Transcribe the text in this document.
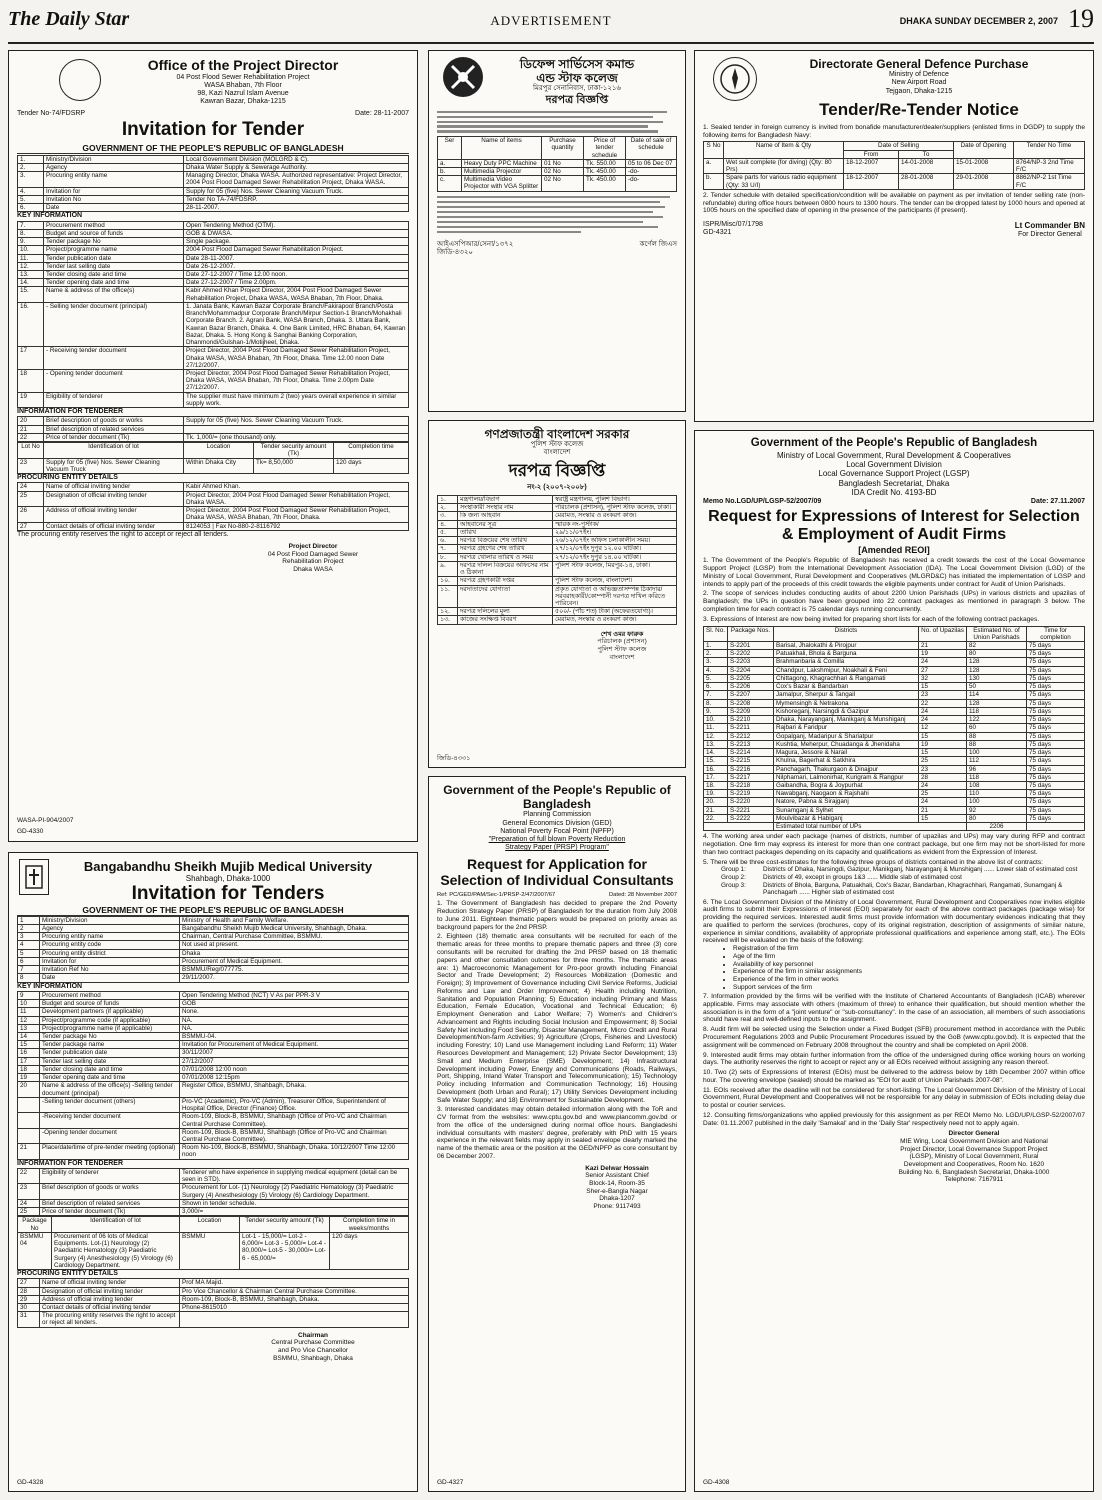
The Daily Star	ADVERTISEMENT	DHAKA SUNDAY DECEMBER 2, 2007 19
Office of the Project Director
04 Post Flood Sewer Rehabilitation Project
WASA Bhaban, 7th Floor
98, Kazi Nazrul Islam Avenue
Kawran Bazar, Dhaka-1215
Tender No-74/FDSRP	Date: 28-11-2007
Invitation for Tender
GOVERNMENT OF THE PEOPLE'S REPUBLIC OF BANGLADESH
1.	Ministry/Division	Local Government Division (MOLGRD & C).
2.	Agency	Dhaka Water Supply & Sewerage Authority.
3.	Procuring entity name	Managing Director, Dhaka WASA. Authorized representative: Project Director, 2004 Post Flood Damaged Sewer Rehabilitation Project, Dhaka WASA.
4.	Invitation for	Supply for 05 (five) Nos. Sewer Cleaning Vacuum Truck.
5.	Invitation No	Tender No TA-74/FDSRP.
6.	Date	28-11-2007.
KEY INFORMATION
7.	Procurement method	Open Tendering Method (OTM).
8.	Budget and source of funds	GOB & DWASA.
9.	Tender package No	Single package.
10.	Project/programme name	2004 Post Flood Damaged Sewer Rehabilitation Project.
11.	Tender publication date	Date 28-11-2007.
12.	Tender last selling date	Date 26-12-2007.
13.	Tender closing date and time	Date 27-12-2007 / Time 12.00 noon.
14.	Tender opening date and time	Date 27-12-2007 / Time 2.00pm.
15.	Name & address of the office(s)	Kabir Ahmed Khan Project Director, 2004 Post Flood Damaged Sewer Rehabilitation Project, Dhaka WASA, WASA Bhaban, 7th Floor, Dhaka.
16.	- Selling tender document (principal)	1. Janata Bank, Kawran Bazar Corporate Branch/Fakirapool Branch/Posta Branch/Mohammadpur Corporate Branch/Mirpur Section-1 Branch/Mohakhali Corporate Branch. 2. Agrani Bank, WASA Branch, Dhaka. 3. Uttara Bank, Kawran Bazar Branch, Dhaka. 4. One Bank Limited, HRC Bhaban, 64, Kawran Bazar, Dhaka. 5. Hong Kong & Sanghai Banking Corporation, Dhanmondi/Gulshan-1/Motijheel, Dhaka.
17	- Receiving tender document	Project Director, 2004 Post Flood Damaged Sewer Rehabilitation Project, Dhaka WASA, WASA Bhaban, 7th Floor, Dhaka. Time 12.00 noon Date 27/12/2007.
18	- Opening tender document	Project Director, 2004 Post Flood Damaged Sewer Rehabilitation Project, Dhaka WASA, WASA Bhaban, 7th Floor, Dhaka. Time 2.00pm Date 27/12/2007.
19	Eligibility of tenderer	The supplier must have minimum 2 (two) years overall experience in similar supply work.
INFORMATION FOR TENDERER
20	Brief description of goods or works	Supply for 05 (five) Nos. Sewer Cleaning Vacuum Truck.
21	Brief description of related services	
22	Price of tender document (Tk)	Tk. 1,000/= (one thousand) only.
Lot No	Identification of lot	Location	Tender security amount (Tk)	Completion time
23	Supply for 05 (five) Nos. Sewer Cleaning Vacuum Truck	Within Dhaka City	Tk= 8,50,000	120 days
PROCURING ENTITY DETAILS
24	Name of official inviting tender	Kabir Ahmed Khan.
25	Designation of official inviting tender	Project Director, 2004 Post Flood Damaged Sewer Rehabilitation Project, Dhaka WASA.
26	Address of official inviting tender	Project Director, 2004 Post Flood Damaged Sewer Rehabilitation Project, Dhaka WASA, WASA Bhaban, 7th Floor, Dhaka.
27	Contact details of official inviting tender	8124053 | Fax No-880-2-8116792
The procuring entity reserves the right to accept or reject all tenders.
Project Director
04 Post Flood Damaged Sewer
Rehabilitation Project
Dhaka WASA
WASA-PI-904/2007
GD-4330
ডিফেন্স সার্ভিসেস কমান্ড
এন্ড স্টাফ কলেজ
মিরপুর সেনানিবাস, ঢাকা-১২১৬
দরপত্র বিজ্ঞপ্তি
Ser	Name of items	Purchase quantity	Price of tender schedule	Date of sale of schedule
a.	Heavy Duty PPC Machine	01 No	Tk. 550.00	05 to 06 Dec 07
b.	Multimedia Projector	02 No	Tk. 450.00	-do-
c.	Multimedia Video Projector with VGA Splitter	02 No	Tk. 450.00	-do-
আইএসপিআর/সেনা/১৩৭২
জিডি-৪৩২০
কর্ণেল জিএস
গণপ্রজাতন্ত্রী বাংলাদেশ সরকার
পুলিশ স্টাফ কলেজ
বাংলাদেশ
দরপত্র বিজ্ঞপ্তি
নং-২ (২০০৭-২০০৮)
১.	মন্ত্রণালয়/বিভাগ	স্বরাষ্ট্র মন্ত্রণালয়, পুলিশ বিভাগ।
২.	সংস্থাকারী সংস্থার নাম	পরিচালক (প্রশাসন), পুলিশ স্টাফ কলেজ, ঢাকা।
৩.	কি জন্য আহবান	মেরামত, সংস্কার ও রংকরণ কাজ।
৪.	আহবানের সূত্র	স্মারক নং-পুস্টাক/
৫.	তারিখ	২৯/১১/০৭ইং।
৬.	দরপত্র বিক্রয়ের শেষ তারিখ	২৬/১২/০৭ইং অফিস চলাকালীন সময়।
৭.	দরপত্র গ্রহণের শেষ তারিখ	২৭/১২/০৭ইং দুপুর ১২.০০ ঘটিকা।
৮.	দরপত্র খোলার তারিখ ও সময়	২৭/১২/০৭ইং দুপুর ১৪.০০ ঘটিকা।
৯.	দরপত্র দলিল বিক্রয়ের অফিসের নাম ও ঠিকানা	পুলিশ স্টাফ কলেজ, মিরপুর-১৪, ঢাকা।
১০.	দরপত্র গ্রহণকারী দপ্তর	পুলিশ স্টাফ কলেজ, বাংলাদেশ।
১১.	দরদাতাদের যোগ্যতা	প্রকৃত যোগ্যতা ও অভিজ্ঞতাসম্পন্ন ঠিকাদার/সরবরাহকারী/কোম্পানী দরপত্র দাখিল করিতে পারিবেন।
১২.	দরপত্র দলিলের মূল্য	৫০০/- (পাঁচ শত) টাকা (অফেরতযোগ্য)।
১৩.	কাজের সংক্ষিপ্ত বিবরণ	মেরামত, সংস্কার ও রংকরণ কাজ।
শেখ ওমর ফারুক
পরিচালক (প্রশাসন)
পুলিশ স্টাফ কলেজ
বাংলাদেশ
জিডি-৪৩৩১
Directorate General Defence Purchase
Ministry of Defence
New Airport Road
Tejgaon, Dhaka-1215
Tender/Re-Tender Notice
1. Sealed tender in foreign currency is invited from bonafide manufacturer/dealer/suppliers (enlisted firms in DGDP) to supply the following items for Bangladesh Navy:
S No	Name of Item & Qty	Date of Selling		Date of Opening	Tender No Time
		From	To		
a.	Wet suit complete (for diving) (Qty: 80 Prs)	18-12-2007	14-01-2008	15-01-2008	8764/NP-3 2nd Time F/C
b.	Spare parts for various radio equipment (Qty: 33 U/I)	18-12-2007	28-01-2008	29-01-2008	8862/NP-2 1st Time F/C
2. Tender schedule with detailed specification/condition will be available on payment as per invitation of tender selling rate (non-refundable) during office hours between 0800 hours to 1300 hours. The tender can be dropped latest by 1000 hours and opened at 1005 hours on the specified date of opening in the presence of the participants (if present).
ISPR/Misc/07/1798
GD-4321
Lt Commander BN
For Director General
Government of the People's Republic of Bangladesh
Ministry of Local Government, Rural Development & Cooperatives
Local Government Division
Local Governance Support Project (LGSP)
Bangladesh Secretariat, Dhaka
IDA Credit No. 4193-BD
Memo No.LGD/UP/LGSP-52/2007/09	Date: 27.11.2007
Request for Expressions of Interest for Selection & Employment of Audit Firms
[Amended REOI]
1. The Government of the People's Republic of Bangladesh has received a credit towards the cost of the Local Governance Support Project (LGSP) from the International Development Association (IDA). The Local Government Division (LGD) of the Ministry of Local Government, Rural Development and Cooperatives (MLGRD&C) has initiated the implementation of LGSP and intends to apply part of the proceeds of this credit towards the eligible payments under contract for Audit of Union Parishads.
2. The scope of services includes conducting audits of about 2200 Union Parishads (UPs) in various districts and upazilas of Bangladesh; the UPs in question have been grouped into 22 contract packages as mentioned in paragraph 3 below. The completion time for each contract is 75 calendar days running concurrently.
3. Expressions of Interest are now being invited for preparing short lists for each of the following contract packages.
Sl. No.	Package Nos.	Districts	No. of Upazilas	Estimated No. of Union Parishads	Time for completion
1.	S-2201	Barisal, Jhalokathi & Pirojpur	21	82	75 days
2.	S-2202	Patuakhali, Bhola & Barguna	19	80	75 days
3.	S-2203	Brahmanbaria & Comilla	24	128	75 days
4.	S-2204	Chandpur, Lakshmipur, Noakhali & Feni	27	128	75 days
5.	S-2205	Chittagong, Khagrachhari & Rangamati	32	130	75 days
6.	S-2206	Cox's Bazar & Bandarban	15	50	75 days
7.	S-2207	Jamalpur, Sherpur & Tangail	23	114	75 days
8.	S-2208	Mymensingh & Netrakona	22	128	75 days
9.	S-2209	Kishoreganj, Narsingdi & Gazipur	24	118	75 days
10.	S-2210	Dhaka, Narayanganj, Manikganj & Munshiganj	24	122	75 days
11.	S-2211	Rajbari & Faridpur	12	60	75 days
12.	S-2212	Gopalganj, Madaripur & Shariatpur	15	88	75 days
13.	S-2213	Kushtia, Meherpur, Chuadanga & Jhenidaha	19	88	75 days
14.	S-2214	Magura, Jessore & Narail	15	100	75 days
15.	S-2215	Khulna, Bagerhat & Satkhira	25	112	75 days
16.	S-2216	Panchagarh, Thakurgaon & Dinajpur	23	96	75 days
17.	S-2217	Nilphamari, Lalmonirhat, Kurigram & Rangpur	28	118	75 days
18.	S-2218	Gaibandha, Bogra & Joypurhat	24	108	75 days
19.	S-2219	Nawabganj, Naogaon & Rajshahi	25	110	75 days
20.	S-2220	Natore, Pabna & Sirajganj	24	100	75 days
21.	S-2221	Sunamganj & Sylhet	21	92	75 days
22.	S-2222	Moulvibazar & Habiganj	15	80	75 days
		Estimated total number of UPs		2206	
4. The working area under each package (names of districts, number of upazilas and UPs) may vary during RFP and contract negotiation. One firm may express its interest for more than one contract package, but one firm may not be short-listed for more than two contract packages depending on its capacity and qualifications as evident from the Expression of Interest.
5. There will be three cost-estimates for the following three groups of districts contained in the above list of contracts:
Group 1:	Districts of Dhaka, Narsingdi, Gazipur, Manikganj, Narayanganj & Munshiganj ...... Lower slab of estimated cost
Group 2:	Districts of 49, except in groups 1&3 ...... Middle slab of estimated cost
Group 3:	Districts of Bhola, Barguna, Patuakhali, Cox's Bazar, Bandarban, Khagrachhari, Rangamati, Sunamganj & Panchagarh ...... Higher slab of estimated cost
6. The Local Government Division of the Ministry of Local Government, Rural Development and Cooperatives now invites eligible audit firms to submit their Expressions of Interest (EOI) separately for each of the above contract packages (package wise) for providing the required services. Interested audit firms must provide information with documentary evidences indicating that they are qualified to perform the services (brochures, copy of its original registration, description of assignments of similar nature, experience in similar conditions, availability of appropriate professional qualifications and experience among staff, etc.). The EOIs received will be evaluated on the basis of the following:
• Registration of the firm
• Age of the firm
• Availability of key personnel
• Experience of the firm in similar assignments
• Experience of the firm in other works
• Support services of the firm
7. Information provided by the firms will be verified with the Institute of Chartered Accountants of Bangladesh (ICAB) wherever applicable. Firms may associate with others (maximum of three) to enhance their qualification, but should mention whether the association is in the form of a "joint venture" or "sub-consultancy". In the case of an association, all members of such associations should have real and well-defined inputs to the assignment.
8. Audit firm will be selected using the Selection under a Fixed Budget (SFB) procurement method in accordance with the Public Procurement Regulations 2003 and Public Procurement Procedures issued by the GoB (www.cptu.gov.bd). It is expected that the assignment will be commenced on February 2008 throughout the country and shall be completed on April 2008.
9. Interested audit firms may obtain further information from the office of the undersigned during office working hours on working days. The authority reserves the right to accept or reject any or all EOIs received without assigning any reason thereof.
10. Two (2) sets of Expressions of Interest (EOIs) must be delivered to the address below by 18th December 2007 within office hour. The covering envelope (sealed) should be marked as "EOI for audit of Union Parishads 2007-08".
11. EOIs received after the deadline will not be considered for short-listing. The Local Government Division of the Ministry of Local Government, Rural Development and Cooperatives will not be responsible for any delay in submission of EOIs including delay due to postal or courier services.
12. Consulting firms/organizations who applied previously for this assignment as per REOI Memo No. LGD/UP/LGSP-52/2007/07 Date: 01.11.2007 published in the daily 'Samakal' and in the 'Daily Star' respectively need not to apply again.
Director General
MIE Wing, Local Government Division and National
Project Director, Local Governance Support Project
(LGSP), Ministry of Local Government, Rural
Development and Cooperatives, Room No. 1620
Building No. 6, Bangladesh Secretariat, Dhaka-1000
Telephone: 7167911
GD-4308
Bangabandhu Sheikh Mujib Medical University
Shahbagh, Dhaka-1000
Invitation for Tenders
GOVERNMENT OF THE PEOPLE'S REPUBLIC OF BANGLADESH
1	Ministry/Division	Ministry of Health and Family Welfare.
2	Agency	Bangabandhu Sheikh Mujib Medical University, Shahbagh, Dhaka.
3	Procuring entity name	Chairman, Central Purchase Committee, BSMMU.
4	Procuring entity code	Not used at present.
5	Procuring entity district	Dhaka
6	Invitation for	Procurement of Medical Equipment.
7	Invitation Ref No	BSMMU/Reg/077775.
8	Date	29/11/2007.
KEY INFORMATION
9	Procurement method	Open Tendering Method (NCT) V As per PPR-3 V
10	Budget and source of funds	GOB
11	Development partners (if applicable)	None.
12	Project/programme code (if applicable)	NA.
13	Project/programme name (if applicable)	NA.
14	Tender package No	BSMMU-04.
15	Tender package name	Invitation for Procurement of Medical Equipment.
16	Tender publication date	30/11/2007
17	Tender last selling date	27/12/2007
18	Tender closing date and time	07/01/2008 12:00 noon
19	Tender opening date and time	07/01/2008 12:15pm
20	Name & address of the office(s) -Selling tender document (principal)	Register Office, BSMMU, Shahbagh, Dhaka.
	-Selling tender document (others)	Pro-VC (Academic), Pro-VC (Admin), Treasurer Office, Superintendent of Hospital Office, Director (Finance) Office.
	-Receiving tender document	Room-109, Block-B, BSMMU, Shahbagh (Office of Pro-VC and Chairman Central Purchase Committee).
	-Opening tender document	Room-109, Block-B, BSMMU, Shahbagh (Office of Pro-VC and Chairman Central Purchase Committee).
21	Place/date/time of pre-tender meeting (optional)	Room No-109, Block-B, BSMMU, Shahbagh, Dhaka. 10/12/2007 Time 12:00 noon
INFORMATION FOR TENDERER
22	Eligibility of tenderer	Tenderer who have experience in supplying medical equipment (detail can be seen in STD).
23	Brief description of goods or works	Procurement for Lot- (1) Neurology (2) Paediatric Hematology (3) Paediatric Surgery (4) Anesthesiology (5) Virology (6) Cardiology Department.
24	Brief description of related services	Shown in tender schedule.
25	Price of tender document (Tk)	3,000/=
Package No	Identification of lot	Location	Tender security amount (Tk)	Completion time in weeks/months
BSMMU 04	Procurement of 06 lots of Medical Equipments. Lot-(1) Neurology (2) Paediatric Hematology (3) Paediatric Surgery (4) Anesthesiology (5) Virology (6) Cardiology Department.	BSMMU	Lot-1 - 15,000/= Lot-2 - 6,000/= Lot-3 - 5,000/= Lot-4 - 80,000/= Lot-5 - 30,000/= Lot-6 - 65,000/=	120 days
PROCURING ENTITY DETAILS
27	Name of official inviting tender	Prof MA Majid.
28	Designation of official inviting tender	Pro Vice Chancellor & Chairman Central Purchase Committee.
29	Address of official inviting tender	Room-109, Block-B, BSMMU, Shahbagh, Dhaka.
30	Contact details of official inviting tender	Phone-8615010
31	The procuring entity reserves the right to accept or reject all tenders.	
Chairman
Central Purchase Committee
and Pro Vice Chancellor
BSMMU, Shahbagh, Dhaka
GD-4328
Government of the People's Republic of Bangladesh
Planning Commission
General Economics Division (GED)
National Poverty Focal Point (NPFP)
"Preparation of full blown Poverty Reduction
Strategy Paper (PRSP) Program"
Request for Application for Selection of Individual Consultants
Ref: PC/GED/PAM/Sec-1/PRSP-2/47/2007/67	Dated: 28 November 2007
1. The Government of Bangladesh has decided to prepare the 2nd Poverty Reduction Strategy Paper (PRSP) of Bangladesh for the duration from July 2008 to June 2011. Eighteen thematic papers would be prepared on priority areas as background papers for the 2nd PRSP.
2. Eighteen (18) thematic area consultants will be recruited for each of the thematic areas for three months to prepare thematic papers and three (3) core consultants will be recruited for drafting the 2nd PRSP based on 18 thematic papers and other consultation outcomes for three months. The thematic areas are: 1) Macroeconomic Management for Pro-poor growth including Financial Sector and Trade Development; 2) Resources Mobilization (Domestic and Foreign); 3) Improvement of Governance including Civil Service Reforms, Judicial Reforms and Law and Order Improvement; 4) Health including Nutrition, Sanitation and Population Planning; 5) Education including Primary and Mass Education, Female Education, Vocational and Technical Education; 6) Employment Generation and Labor Welfare; 7) Women's and Children's Advancement and Rights including Social Inclusion and Empowerment; 8) Social Safety Net including Food Security, Disaster Management, Micro Credit and Rural Development/Non-farm Activities; 9) Agriculture (Crops, Fisheries and Livestock) including Forestry; 10) Land use Management including Land Reform; 11) Water Resources Development and Management; 12) Private Sector Development; 13) Small and Medium Enterprise (SME) Development; 14) Infrastructural Development including Power, Energy and Communications (Roads, Railways, Port, Shipping, Inland Water Transport and Telecommunication); 15) Technology Policy including Information and Communication Technology; 16) Housing Development (both Urban and Rural); 17) Utility Services Development including Safe Water Supply; and 18) Environment for Sustainable Development.
3. Interested candidates may obtain detailed information along with the ToR and CV format from the websites: www.cptu.gov.bd and www.plancomm.gov.bd or from the office of the undersigned during normal office hours. Bangladeshi individual consultants with masters' degree, preferably with PhD with 15 years experience in the relevant fields may apply in sealed envelope clearly marked the name of the thematic area or the position at the GED/NPFP as core consultant by 06 December 2007.
Kazi Delwar Hossain
Senior Assistant Chief
Block-14, Room-35
Sher-e-Bangla Nagar
Dhaka-1207
Phone: 9117493
GD-4327
